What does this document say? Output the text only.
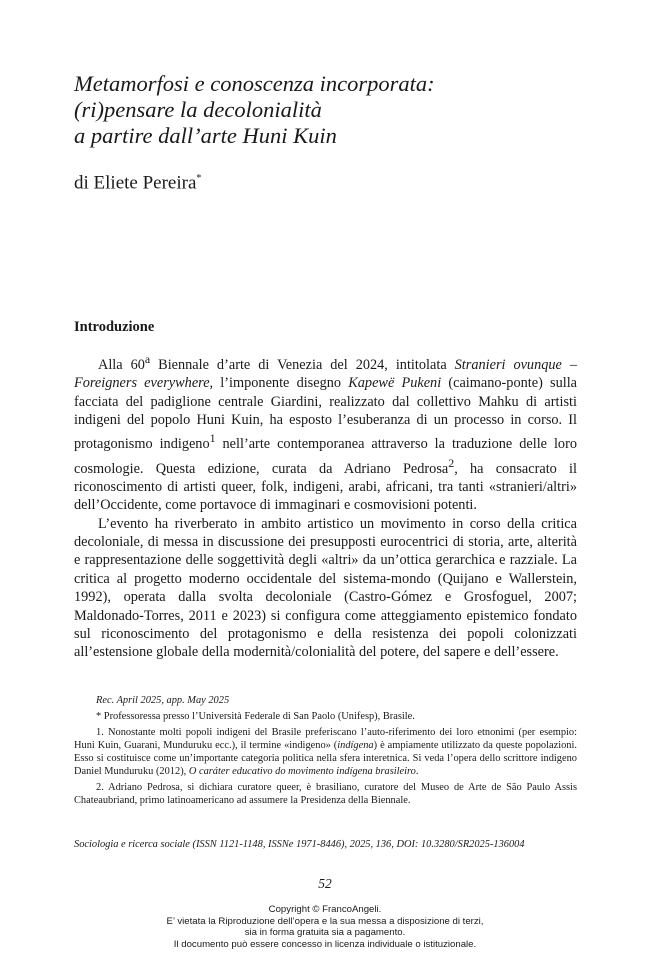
Metamorfosi e conoscenza incorporata:
(ri)pensare la decolonialità
a partire dall’arte Huni Kuin

di Eliete Pereira*

Introduzione

Alla 60$^a$ Biennale d’arte di Venezia del 2024, intitolata Stranieri ovunque – Foreigners everywhere, l’imponente disegno Kapewë Pukeni (caimano-ponte) sulla facciata del padiglione centrale Giardini, realizzato dal collettivo Mahku di artisti indigeni del popolo Huni Kuin, ha esposto l’esuberanza di un processo in corso. Il protagonismo indigeno$^1$ nell’arte contemporanea attraverso la traduzione delle loro cosmologie. Questa edizione, curata da Adriano Pedrosa$^2$, ha consacrato il riconoscimento di artisti queer, folk, indigeni, arabi, africani, tra tanti «stranieri/altri» dell’Occidente, come portavoce di immaginari e cosmovisioni potenti.

L’evento ha riverberato in ambito artistico un movimento in corso della critica decoloniale, di messa in discussione dei presupposti eurocentrici di storia, arte, alterità e rappresentazione delle soggettività degli «altri» da un’ottica gerarchica e razziale. La critica al progetto moderno occidentale del sistema-mondo (Quijano e Wallerstein, 1992), operata dalla svolta decoloniale (Castro-Gómez e Grosfoguel, 2007; Maldonado-Torres, 2011 e 2023) si configura come atteggiamento epistemico fondato sul riconoscimento del protagonismo e della resistenza dei popoli colonizzati all’estensione globale della modernità/colonialità del potere, del sapere e dell’essere.

Rec. April 2025, app. May 2025

* Professoressa presso l’Università Federale di San Paolo (Unifesp), Brasile.

1. Nonostante molti popoli indigeni del Brasile preferiscano l’auto-riferimento dei loro etnonimi (per esempio: Huni Kuin, Guarani, Munduruku ecc.), il termine «indigeno» (indígena) è ampiamente utilizzato da queste popolazioni. Esso si costituisce come un’importante categoria politica nella sfera interetnica. Si veda l’opera dello scrittore indigeno Daniel Munduruku (2012), O caráter educativo do movimento indígena brasileiro.

2. Adriano Pedrosa, si dichiara curatore queer, è brasiliano, curatore del Museo de Arte de São Paulo Assis Chateaubriand, primo latinoamericano ad assumere la Presidenza della Biennale.

Sociologia e ricerca sociale (ISSN 1121-1148, ISSNe 1971-8446), 2025, 136, DOI: 10.3280/SR2025-136004
52
Copyright © FrancoAngeli.
E’ vietata la Riproduzione dell’opera e la sua messa a disposizione di terzi,
sia in forma gratuita sia a pagamento.
Il documento può essere concesso in licenza individuale o istituzionale.
